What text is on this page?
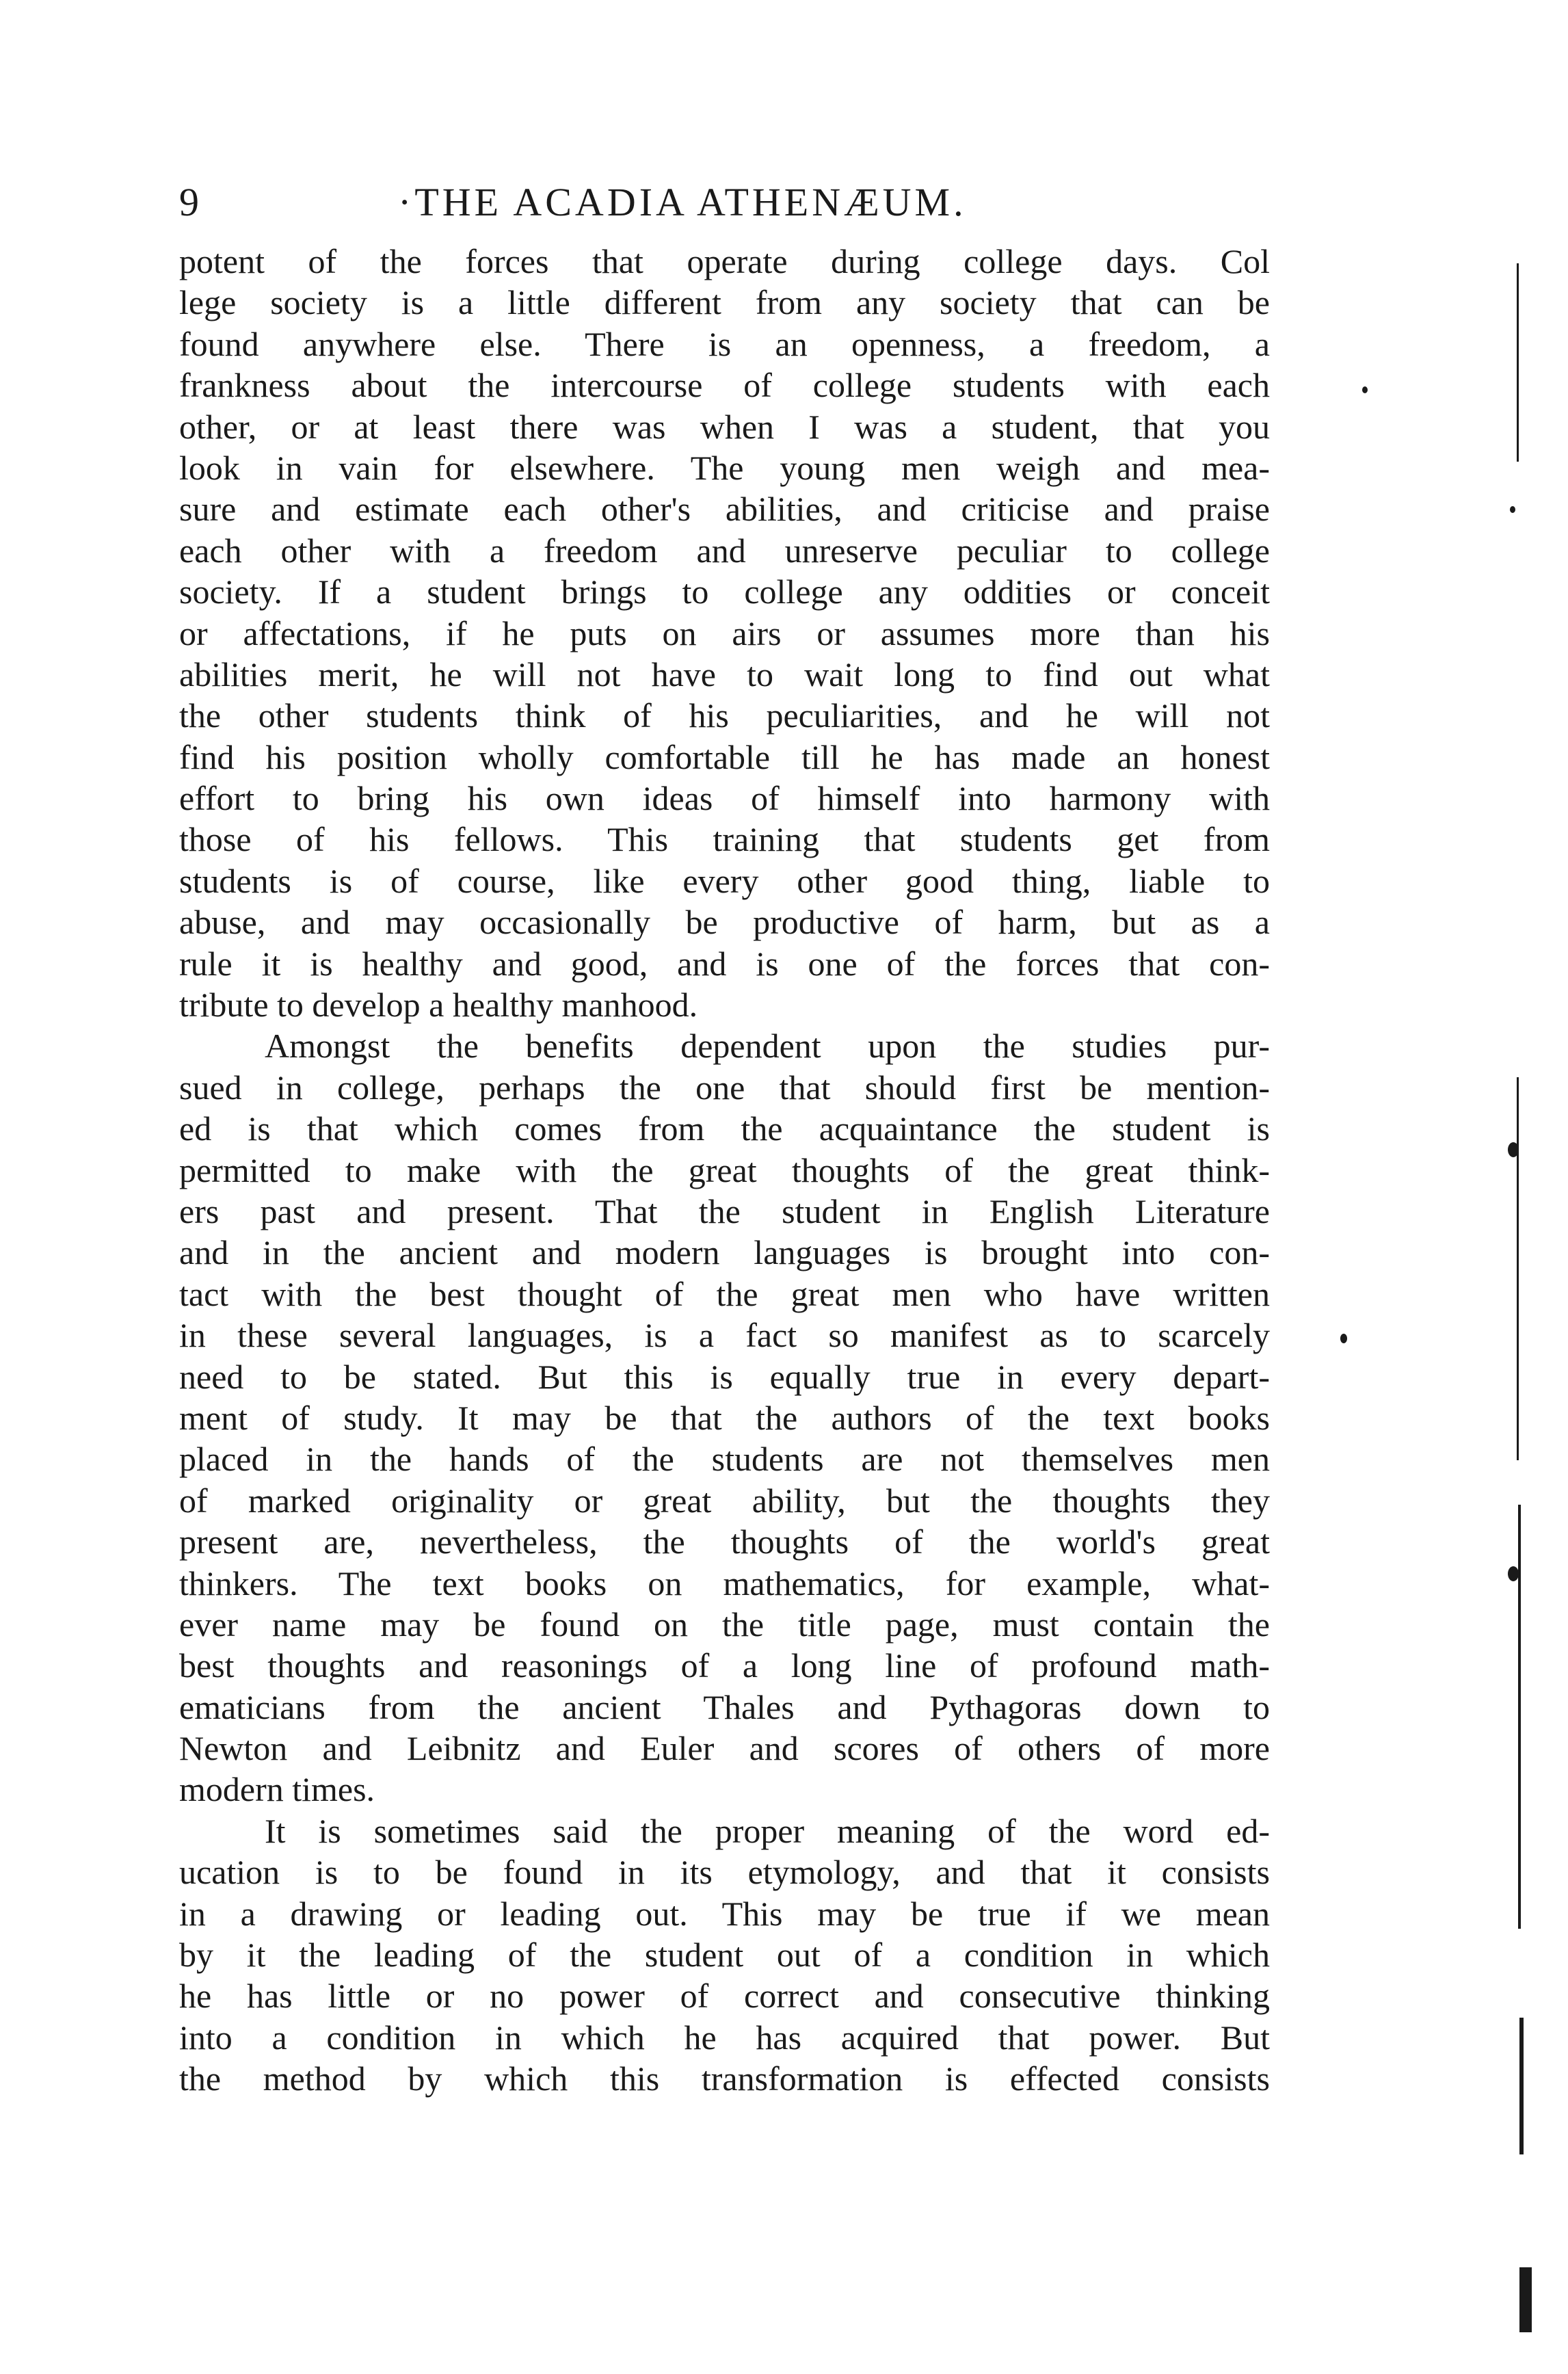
9	·THE ACADIA ATHENÆUM.
potent of the forces that operate during college days. Col
lege society is a little different from any society that can be
found anywhere else. There is an openness, a freedom, a
frankness about the intercourse of college students with each
other, or at least there was when I was a student, that you
look in vain for elsewhere. The young men weigh and mea-
sure and estimate each other's abilities, and criticise and praise
each other with a freedom and unreserve peculiar to college
society. If a student brings to college any oddities or conceit
or affectations, if he puts on airs or assumes more than his
abilities merit, he will not have to wait long to find out what
the other students think of his peculiarities, and he will not
find his position wholly comfortable till he has made an honest
effort to bring his own ideas of himself into harmony with
those of his fellows. This training that students get from
students is of course, like every other good thing, liable to
abuse, and may occasionally be productive of harm, but as a
rule it is healthy and good, and is one of the forces that con-
tribute to develop a healthy manhood.
Amongst the benefits dependent upon the studies pur-
sued in college, perhaps the one that should first be mention-
ed is that which comes from the acquaintance the student is
permitted to make with the great thoughts of the great think-
ers past and present. That the student in English Literature
and in the ancient and modern languages is brought into con-
tact with the best thought of the great men who have written
in these several languages, is a fact so manifest as to scarcely
need to be stated. But this is equally true in every depart-
ment of study. It may be that the authors of the text books
placed in the hands of the students are not themselves men
of marked originality or great ability, but the thoughts they
present are, nevertheless, the thoughts of the world's great
thinkers. The text books on mathematics, for example, what-
ever name may be found on the title page, must contain the
best thoughts and reasonings of a long line of profound math-
ematicians from the ancient Thales and Pythagoras down to
Newton and Leibnitz and Euler and scores of others of more
modern times.
It is sometimes said the proper meaning of the word ed-
ucation is to be found in its etymology, and that it consists
in a drawing or leading out. This may be true if we mean
by it the leading of the student out of a condition in which
he has little or no power of correct and consecutive thinking
into a condition in which he has acquired that power. But
the method by which this transformation is effected consists
